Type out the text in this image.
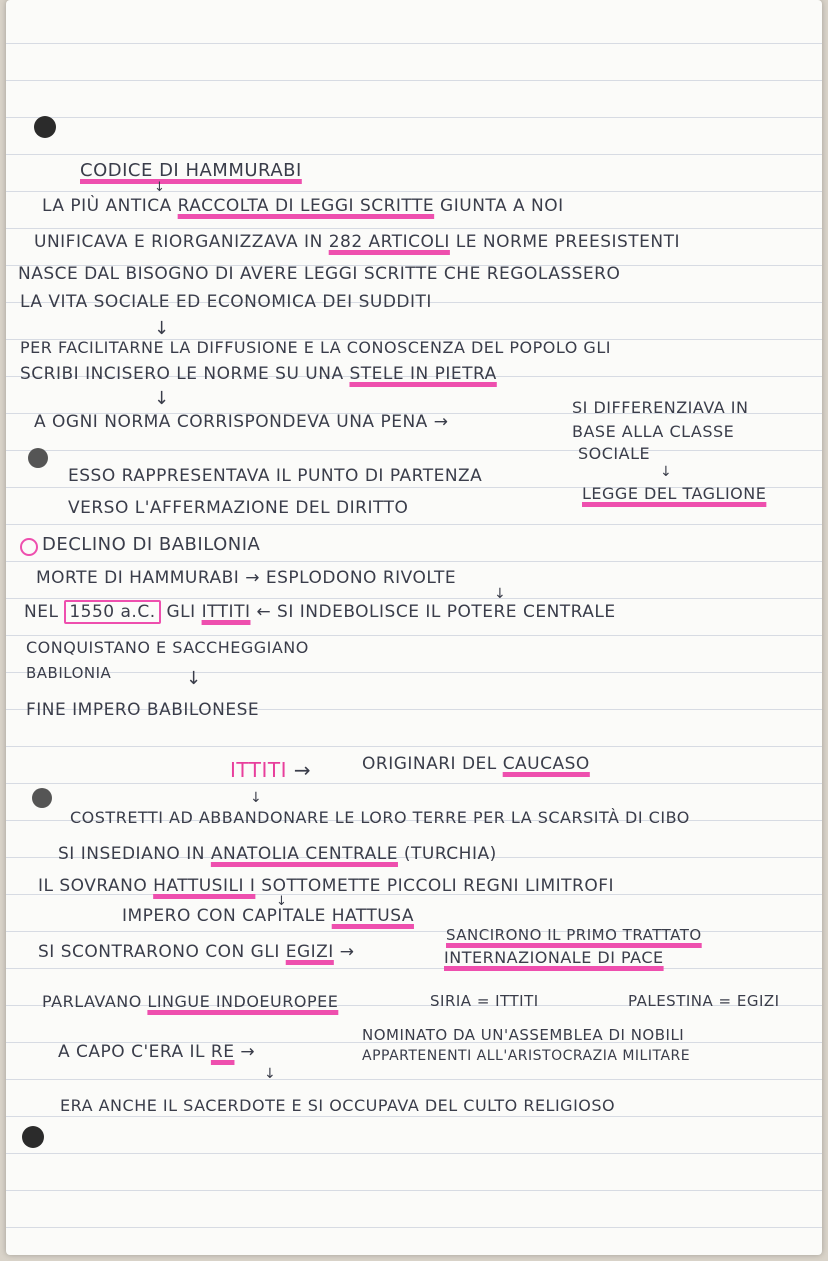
CODICE DI HAMMURABI
↓
LA PIÙ ANTICA RACCOLTA DI LEGGI SCRITTE GIUNTA A NOI
UNIFICAVA E RIORGANIZZAVA IN 282 ARTICOLI LE NORME PREESISTENTI
NASCE DAL BISOGNO DI AVERE LEGGI SCRITTE CHE REGOLASSERO
LA VITA SOCIALE ED ECONOMICA DEI SUDDITI
↓
PER FACILITARNE LA DIFFUSIONE E LA CONOSCENZA DEL POPOLO GLI
SCRIBI INCISERO LE NORME SU UNA STELE IN PIETRA
↓
A OGNI NORMA CORRISPONDEVA UNA PENA →
SI DIFFERENZIAVA IN
BASE ALLA CLASSE
SOCIALE
↓
ESSO RAPPRESENTAVA IL PUNTO DI PARTENZA
LEGGE DEL TAGLIONE
VERSO L'AFFERMAZIONE DEL DIRITTO
DECLINO DI BABILONIA
MORTE DI HAMMURABI → ESPLODONO RIVOLTE
↓
NEL 1550 a.C. GLI ITTITI ← SI INDEBOLISCE IL POTERE CENTRALE
CONQUISTANO E SACCHEGGIANO
BABILONIA	↓
FINE IMPERO BABILONESE
ITTITI →	ORIGINARI DEL CAUCASO
↓
COSTRETTI AD ABBANDONARE LE LORO TERRE PER LA SCARSITÀ DI CIBO
SI INSEDIANO IN ANATOLIA CENTRALE (TURCHIA)
IL SOVRANO HATTUSILI I SOTTOMETTE PICCOLI REGNI LIMITROFI
↓
IMPERO CON CAPITALE HATTUSA
SI SCONTRARONO CON GLI EGIZI →
SANCIRONO IL PRIMO TRATTATO
INTERNAZIONALE DI PACE
PARLAVANO LINGUE INDOEUROPEE	SIRIA = ITTITI	PALESTINA = EGIZI
A CAPO C'ERA IL RE →
NOMINATO DA UN'ASSEMBLEA DI NOBILI
APPARTENENTI ALL'ARISTOCRAZIA MILITARE
↓
ERA ANCHE IL SACERDOTE E SI OCCUPAVA DEL CULTO RELIGIOSO
